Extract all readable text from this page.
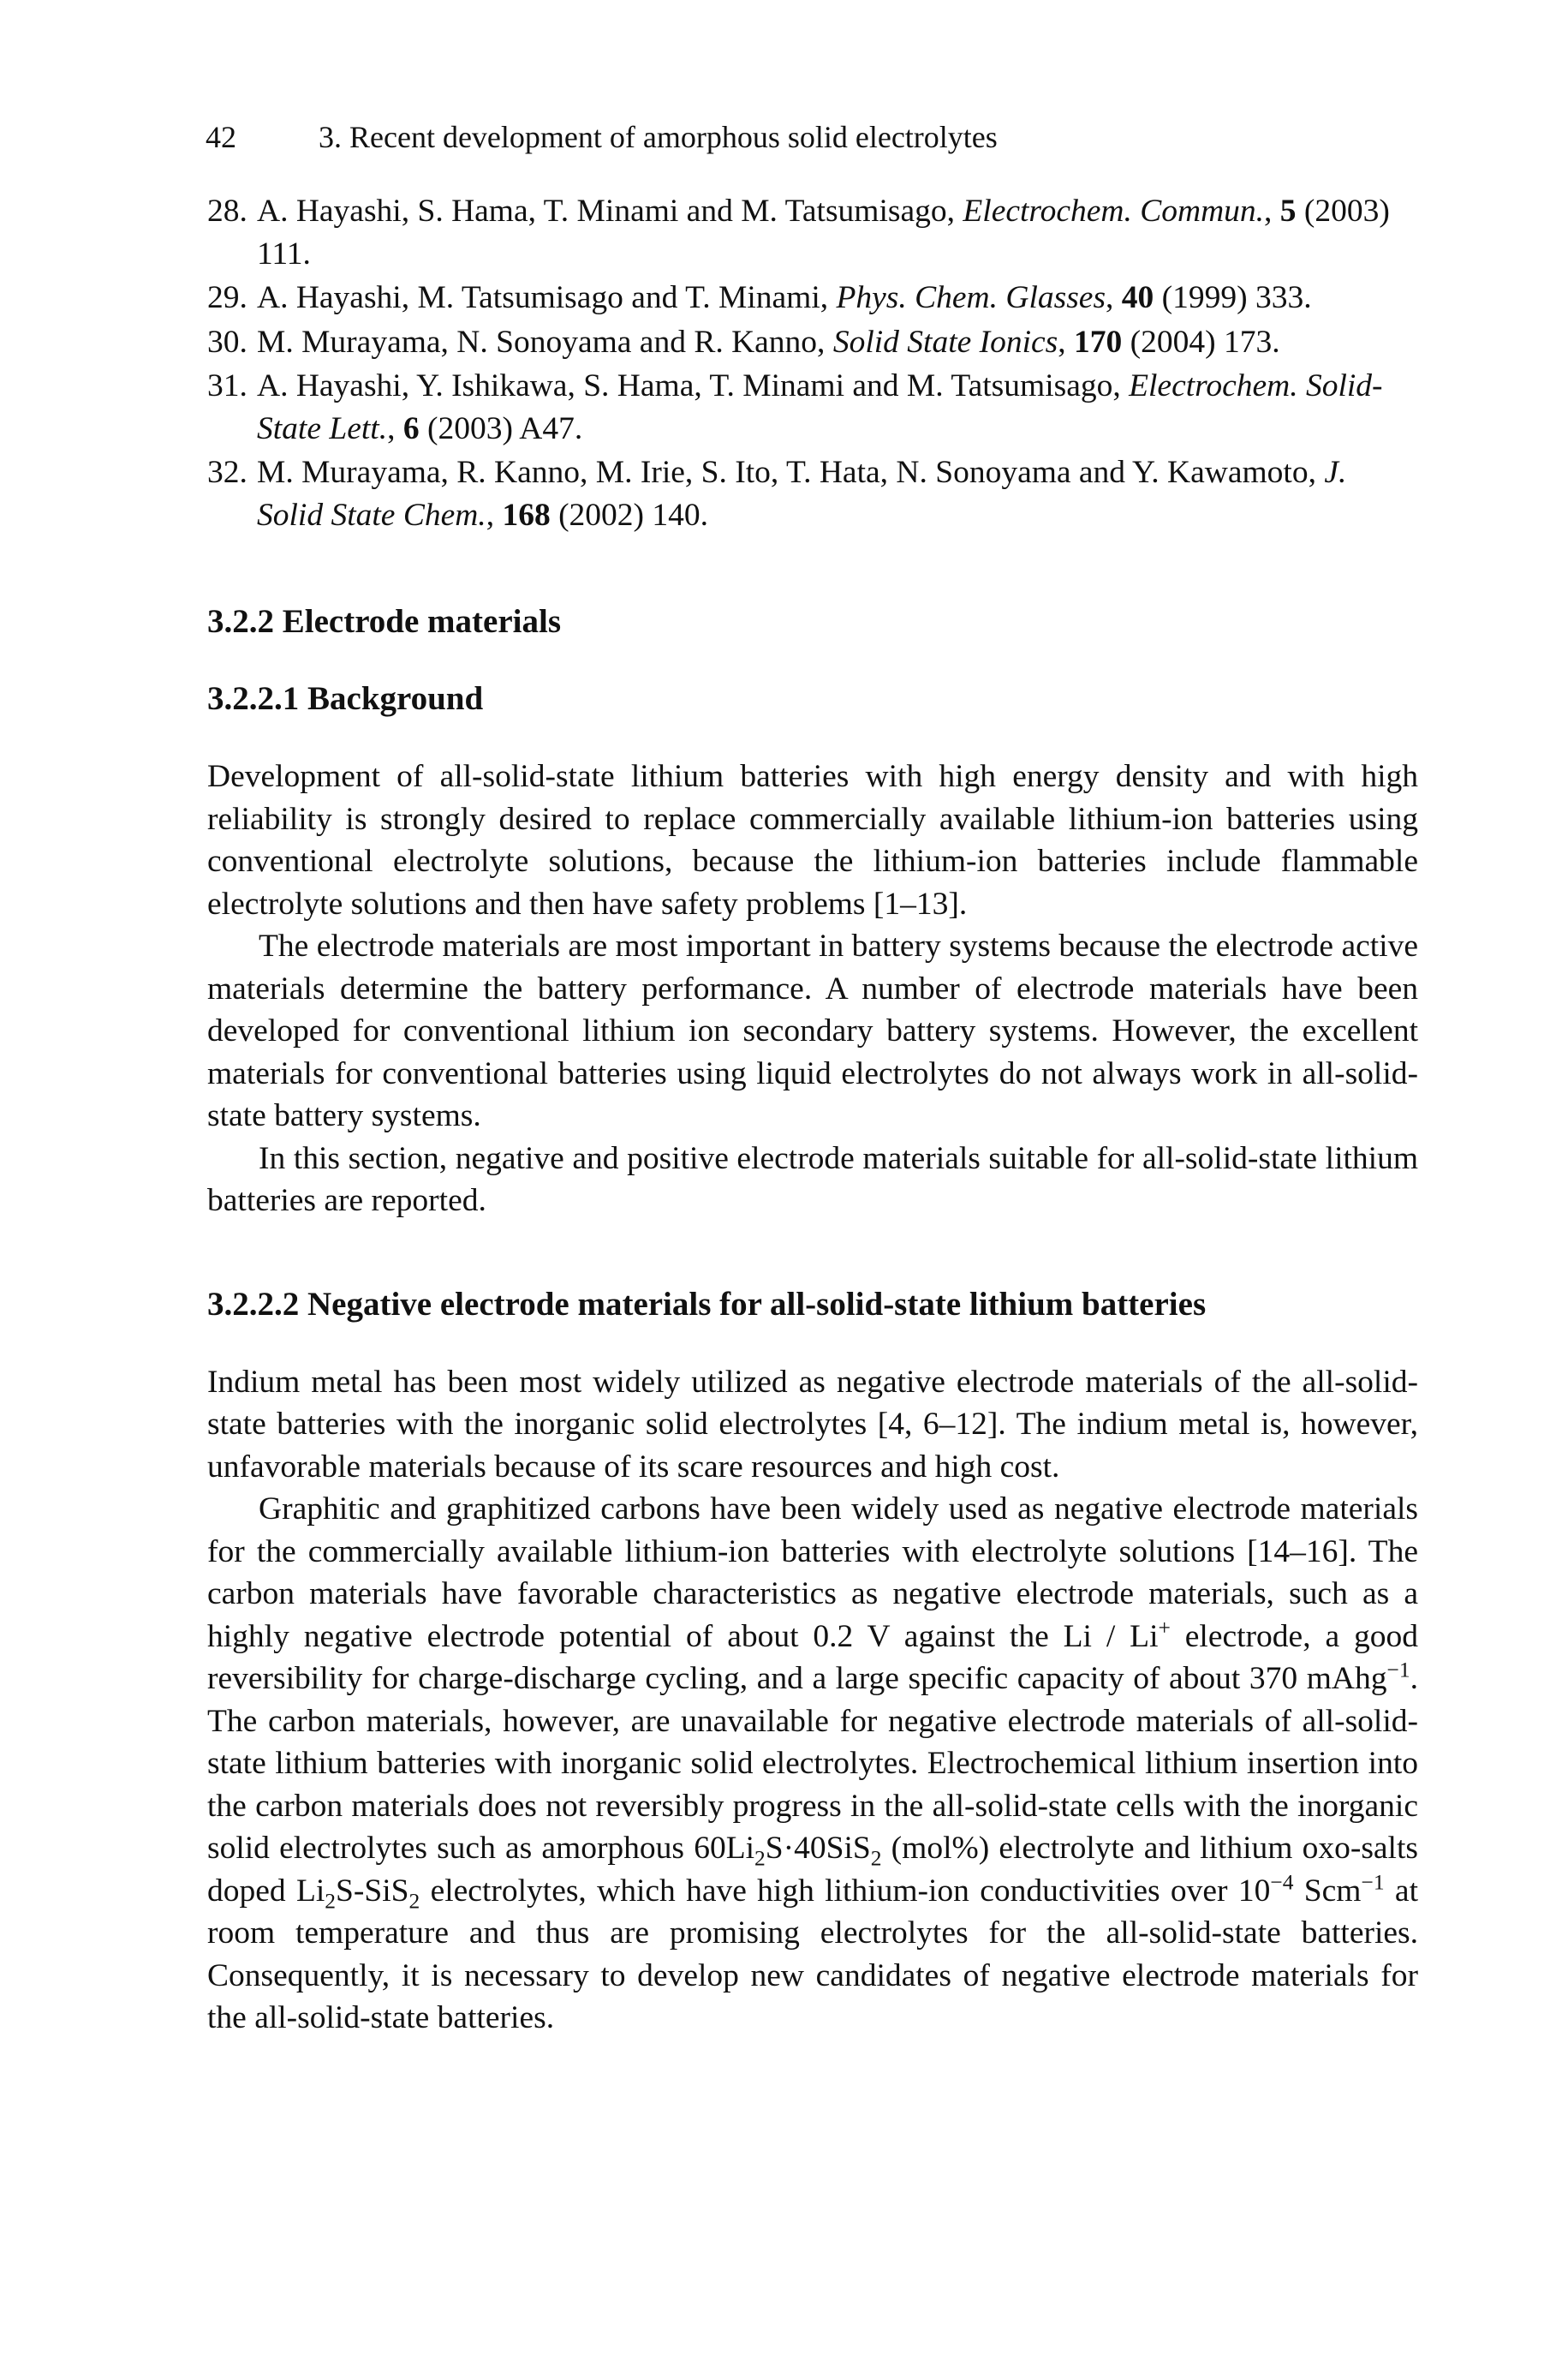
42	3. Recent development of amorphous solid electrolytes
28. A. Hayashi, S. Hama, T. Minami and M. Tatsumisago, Electrochem. Commun., 5 (2003) 111.
29. A. Hayashi, M. Tatsumisago and T. Minami, Phys. Chem. Glasses, 40 (1999) 333.
30. M. Murayama, N. Sonoyama and R. Kanno, Solid State Ionics, 170 (2004) 173.
31. A. Hayashi, Y. Ishikawa, S. Hama, T. Minami and M. Tatsumisago, Electrochem. Solid-State Lett., 6 (2003) A47.
32. M. Murayama, R. Kanno, M. Irie, S. Ito, T. Hata, N. Sonoyama and Y. Kawamoto, J. Solid State Chem., 168 (2002) 140.
3.2.2 Electrode materials
3.2.2.1 Background

Development of all-solid-state lithium batteries with high energy density and with high reliability is strongly desired to replace commercially available lithium-ion batteries using conventional electrolyte solutions, because the lithium-ion batteries include flammable electrolyte solutions and then have safety problems [1–13].

The electrode materials are most important in battery systems because the electrode active materials determine the battery performance. A number of electrode materials have been developed for conventional lithium ion secondary battery systems. However, the excellent materials for conventional batteries using liquid electrolytes do not always work in all-solid-state battery systems.

In this section, negative and positive electrode materials suitable for all-solid-state lithium batteries are reported.

3.2.2.2 Negative electrode materials for all-solid-state lithium batteries

Indium metal has been most widely utilized as negative electrode materials of the all-solid-state batteries with the inorganic solid electrolytes [4, 6–12]. The indium metal is, however, unfavorable materials because of its scare resources and high cost.

Graphitic and graphitized carbons have been widely used as negative electrode materials for the commercially available lithium-ion batteries with electrolyte solutions [14–16]. The carbon materials have favorable characteristics as negative electrode materials, such as a highly negative electrode potential of about 0.2 V against the Li / Li+ electrode, a good reversibility for charge-discharge cycling, and a large specific capacity of about 370 mAhg$^{-1}$. The carbon materials, however, are unavailable for negative electrode materials of all-solid-state lithium batteries with inorganic solid electrolytes. Electrochemical lithium insertion into the carbon materials does not reversibly progress in the all-solid-state cells with the inorganic solid electrolytes such as amorphous $60Li_2S\cdot 40SiS_2$ (mol%) electrolyte and lithium oxo-salts doped $Li_2S-SiS_2$ electrolytes, which have high lithium-ion conductivities over $10^{-4}$ Scm$^{-1}$ at room temperature and thus are promising electrolytes for the all-solid-state batteries. Consequently, it is necessary to develop new candidates of negative electrode materials for the all-solid-state batteries.
